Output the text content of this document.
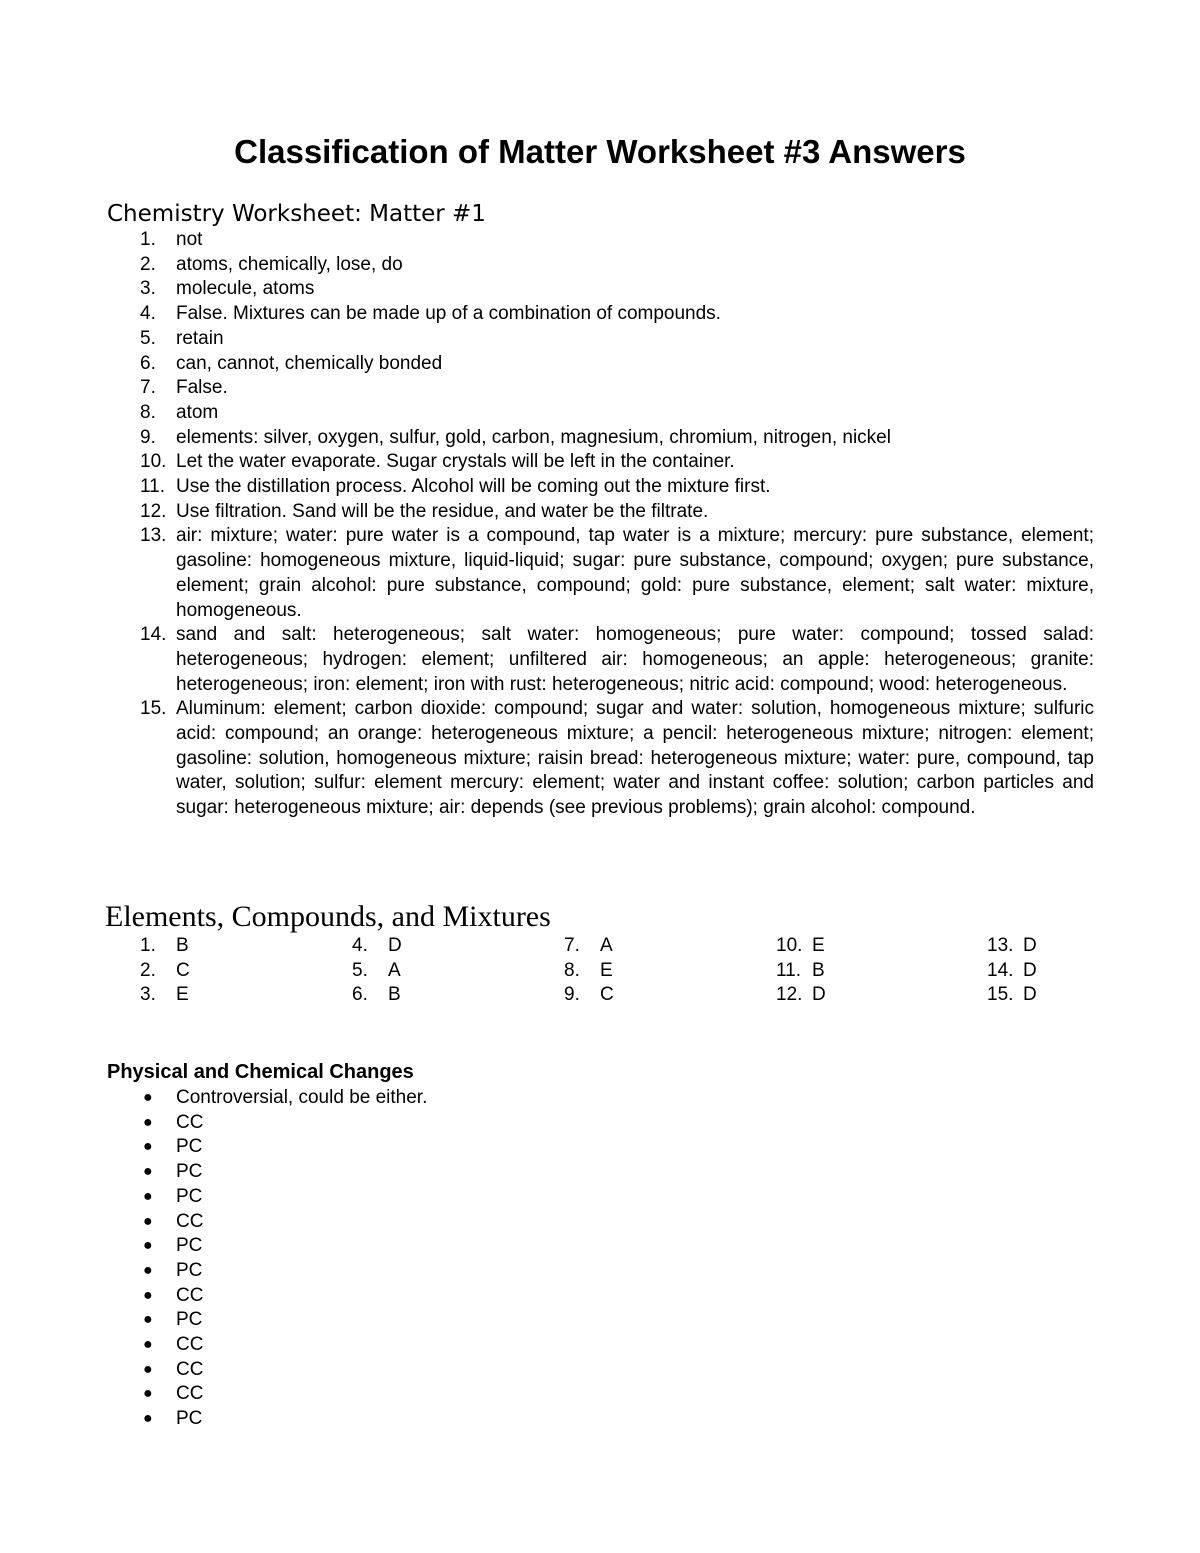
Classification of Matter Worksheet #3 Answers
Chemistry Worksheet: Matter #1
1. not
2. atoms, chemically, lose, do
3. molecule, atoms
4. False. Mixtures can be made up of a combination of compounds.
5. retain
6. can, cannot, chemically bonded
7. False.
8. atom
9. elements: silver, oxygen, sulfur, gold, carbon, magnesium, chromium, nitrogen, nickel
10. Let the water evaporate. Sugar crystals will be left in the container.
11. Use the distillation process. Alcohol will be coming out the mixture first.
12. Use filtration. Sand will be the residue, and water be the filtrate.
13. air: mixture; water: pure water is a compound, tap water is a mixture; mercury: pure substance, element; gasoline: homogeneous mixture, liquid-liquid; sugar: pure substance, compound; oxygen; pure substance, element; grain alcohol: pure substance, compound; gold: pure substance, element; salt water: mixture, homogeneous.
14. sand and salt: heterogeneous; salt water: homogeneous; pure water: compound; tossed salad: heterogeneous; hydrogen: element; unfiltered air: homogeneous; an apple: heterogeneous; granite: heterogeneous; iron: element; iron with rust: heterogeneous; nitric acid: compound; wood: heterogeneous.
15. Aluminum: element; carbon dioxide: compound; sugar and water: solution, homogeneous mixture; sulfuric acid: compound; an orange: heterogeneous mixture; a pencil: heterogeneous mixture; nitrogen: element; gasoline: solution, homogeneous mixture; raisin bread: heterogeneous mixture; water: pure, compound, tap water, solution; sulfur: element mercury: element; water and instant coffee: solution; carbon particles and sugar: heterogeneous mixture; air: depends (see previous problems); grain alcohol: compound.
Elements, Compounds, and Mixtures
1. B
2. C
3. E
4. D
5. A
6. B
7. A
8. E
9. C
10. E
11. B
12. D
13. D
14. D
15. D
Physical and Chemical Changes
● Controversial, could be either.
● CC
● PC
● PC
● PC
● CC
● PC
● PC
● CC
● PC
● CC
● CC
● CC
● PC
